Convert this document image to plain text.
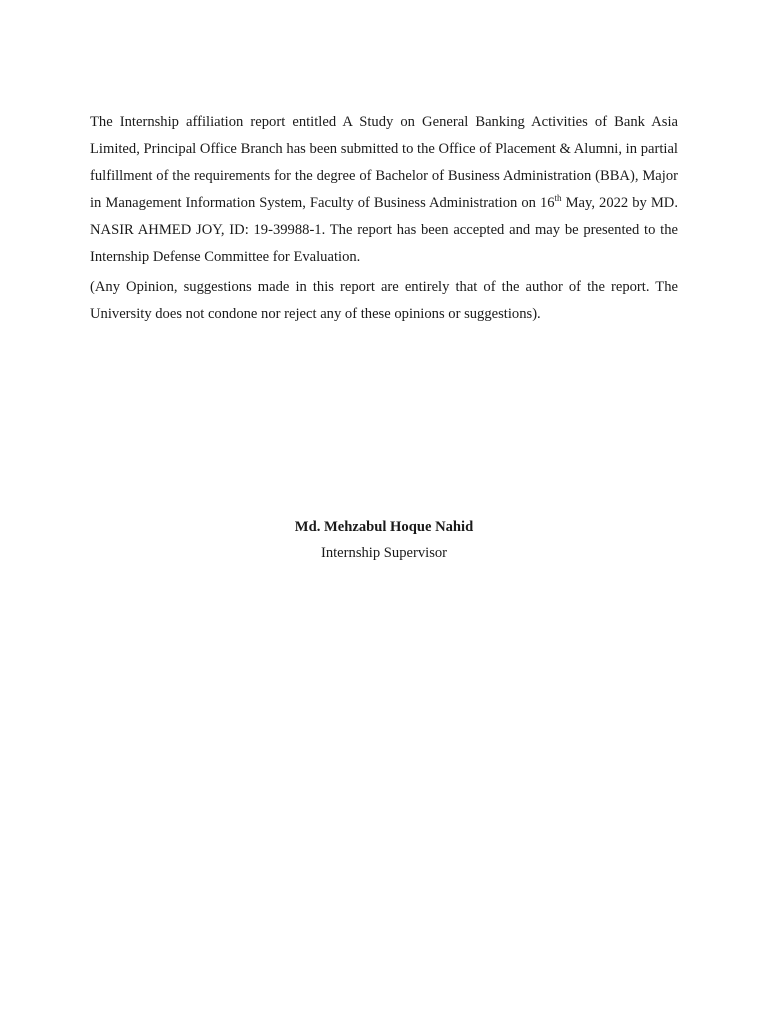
The Internship affiliation report entitled A Study on General Banking Activities of Bank Asia Limited, Principal Office Branch has been submitted to the Office of Placement & Alumni, in partial fulfillment of the requirements for the degree of Bachelor of Business Administration (BBA), Major in Management Information System, Faculty of Business Administration on 16th May, 2022 by MD. NASIR AHMED JOY, ID: 19-39988-1. The report has been accepted and may be presented to the Internship Defense Committee for Evaluation.

(Any Opinion, suggestions made in this report are entirely that of the author of the report. The University does not condone nor reject any of these opinions or suggestions).

Md. Mehzabul Hoque Nahid

Internship Supervisor
